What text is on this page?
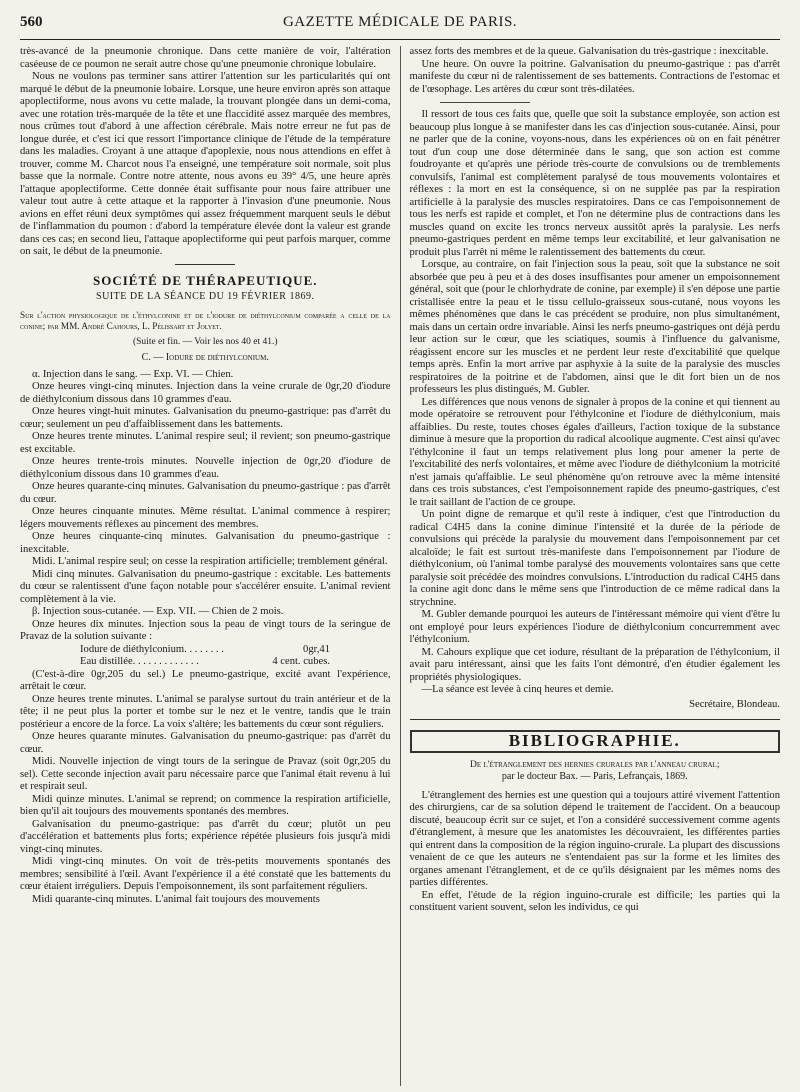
560	GAZETTE MÉDICALE DE PARIS.

très-avancé de la pneumonie chronique. Dans cette manière de voir, l'altération caséeuse de ce poumon ne serait autre chose qu'une pneumonie chronique lobulaire.

Nous ne voulons pas terminer sans attirer l'attention sur les particularités qui ont marqué le début de la pneumonie lobaire. Lorsque, une heure environ après son attaque apoplectiforme, nous avons vu cette malade, la trouvant plongée dans un demi-coma, avec une rotation très-marquée de la tête et une flaccidité assez marquée des membres, nous crûmes tout d'abord à une affection cérébrale. Mais notre erreur ne fut pas de longue durée, et c'est ici que ressort l'importance clinique de l'étude de la température dans les maladies. Croyant à une attaque d'apoplexie, nous nous attendions en effet à trouver, comme M. Charcot nous l'a enseigné, une température soit normale, soit plus basse que la normale. Contre notre attente, nous avons eu 39° 4/5, une heure après l'attaque apoplectiforme. Cette donnée était suffisante pour nous faire attribuer une valeur tout autre à cette attaque et la rapporter à l'invasion d'une pneumonie. Nous avions en effet réuni deux symptômes qui assez fréquemment marquent seuls le début de l'inflammation du poumon : d'abord la température élevée dont la valeur est grande dans ces cas; en second lieu, l'attaque apoplectiforme qui peut parfois marquer, comme on sait, le début de la pneumonie.

SOCIÉTÉ DE THÉRAPEUTIQUE.
SUITE DE LA SÉANCE DU 19 FÉVRIER 1869.

Sur l'action physiologique de l'éthylconine et de l'iodure de diéthylconium comparée a celle de la conine; par MM. André Cahours, L. Pélissart et Jolyet.

(Suite et fin. — Voir les nos 40 et 41.)
C. — Iodure de diéthylconium.

α. Injection dans le sang. — Exp. VI. — Chien.

Onze heures vingt-cinq minutes. Injection dans la veine crurale de 0gr,20 d'iodure de diéthylconium dissous dans 10 grammes d'eau.

Onze heures vingt-huit minutes. Galvanisation du pneumo-gastrique: pas d'arrêt du cœur; seulement un peu d'affaiblissement dans les battements.

Onze heures trente minutes. L'animal respire seul; il revient; son pneumo-gastrique est excitable.

Onze heures trente-trois minutes. Nouvelle injection de 0gr,20 d'iodure de diéthylconium dissous dans 10 grammes d'eau.

Onze heures quarante-cinq minutes. Galvanisation du pneumo-gastrique : pas d'arrêt du cœur.

Onze heures cinquante minutes. Même résultat. L'animal commence à respirer; légers mouvements réflexes au pincement des membres.

Onze heures cinquante-cinq minutes. Galvanisation du pneumo-gastrique : inexcitable.

Midi. L'animal respire seul; on cesse la respiration artificielle; tremblement général.

Midi cinq minutes. Galvanisation du pneumo-gastrique : excitable. Les battements du cœur se ralentissent d'une façon notable pour s'accélérer ensuite. L'animal revient complètement à la vie.

β. Injection sous-cutanée. — Exp. VII. — Chien de 2 mois.

Onze heures dix minutes. Injection sous la peau de vingt tours de la seringue de Pravaz de la solution suivante :

Iodure de diéthylconium. . . . . . . .	0gr,41
Eau distillée. . . . . . . . . . . . .	4 cent. cubes.

(C'est-à-dire 0gr,205 du sel.) Le pneumo-gastrique, excité avant l'expérience, arrêtait le cœur.

Onze heures trente minutes. L'animal se paralyse surtout du train antérieur et de la tête; il ne peut plus la porter et tombe sur le nez et le ventre, tandis que le train postérieur a encore de la force. La voix s'altère; les battements du cœur sont réguliers.

Onze heures quarante minutes. Galvanisation du pneumo-gastrique: pas d'arrêt du cœur.

Midi. Nouvelle injection de vingt tours de la seringue de Pravaz (soit 0gr,205 du sel). Cette seconde injection avait paru nécessaire parce que l'animal était revenu à lui et respirait seul.

Midi quinze minutes. L'animal se reprend; on commence la respiration artificielle, bien qu'il ait toujours des mouvements spontanés des membres.

Galvanisation du pneumo-gastrique: pas d'arrêt du cœur; plutôt un peu d'accélération et battements plus forts; expérience répétée plusieurs fois jusqu'à midi vingt-cinq minutes.

Midi vingt-cinq minutes. On voit de très-petits mouvements spontanés des membres; sensibilité à l'œil. Avant l'expérience il a été constaté que les battements du cœur étaient irréguliers. Depuis l'empoisonnement, ils sont parfaitement réguliers.

Midi quarante-cinq minutes. L'animal fait toujours des mouvements

assez forts des membres et de la queue. Galvanisation du très-gastrique : inexcitable.

Une heure. On ouvre la poitrine. Galvanisation du pneumo-gastrique : pas d'arrêt manifeste du cœur ni de ralentissement de ses battements. Contractions de l'estomac et de l'œsophage. Les artères du cœur sont très-dilatées.

Il ressort de tous ces faits que, quelle que soit la substance employée, son action est beaucoup plus longue à se manifester dans les cas d'injection sous-cutanée. Ainsi, pour ne parler que de la conine, voyons-nous, dans les expériences où on en fait pénétrer tout d'un coup une dose déterminée dans le sang, que son action est comme foudroyante et qu'après une période très-courte de convulsions ou de tremblements convulsifs, l'animal est complètement paralysé de tous mouvements volontaires et réflexes : la mort en est la conséquence, si on ne supplée pas par la respiration artificielle à la paralysie des muscles respiratoires. Dans ce cas l'empoisonnement de tous les nerfs est rapide et complet, et l'on ne détermine plus de contractions dans les muscles quand on excite les troncs nerveux aussitôt après la paralysie. Les nerfs pneumo-gastriques perdent en même temps leur excitabilité, et leur galvanisation ne produit plus l'arrêt ni même le ralentissement des battements du cœur.

Lorsque, au contraire, on fait l'injection sous la peau, soit que la substance ne soit absorbée que peu à peu et à des doses insuffisantes pour amener un empoisonnement général, soit que (pour le chlorhydrate de conine, par exemple) il s'en dépose une partie cristallisée entre la peau et le tissu cellulo-graisseux sous-cutané, nous voyons les mêmes phénomènes que dans le cas précédent se produire, non plus simultanément, mais dans un certain ordre invariable. Ainsi les nerfs pneumo-gastriques ont déjà perdu leur action sur le cœur, que les sciatiques, soumis à l'influence du galvanisme, réagissent encore sur les muscles et ne perdent leur reste d'excitabilité que quelque temps après. Enfin la mort arrive par asphyxie à la suite de la paralysie des muscles respiratoires de la poitrine et de l'abdomen, ainsi que le dit fort bien un de nos professeurs les plus distingués, M. Gubler.

Les différences que nous venons de signaler à propos de la conine et qui tiennent au mode opératoire se retrouvent pour l'éthylconine et l'iodure de diéthylconium, mais affaiblies. Du reste, toutes choses égales d'ailleurs, l'action toxique de la substance diminue à mesure que la proportion du radical alcoolique augmente. C'est ainsi qu'avec l'éthylconine il faut un temps relativement plus long pour amener la perte de l'excitabilité des nerfs volontaires, et même avec l'iodure de diéthylconium la motricité n'est jamais qu'affaiblie. Le seul phénomène qu'on retrouve avec la même intensité dans ces trois substances, c'est l'empoisonnement rapide des pneumo-gastriques, c'est le trait saillant de l'action de ce groupe.

Un point digne de remarque et qu'il reste à indiquer, c'est que l'introduction du radical C4H5 dans la conine diminue l'intensité et la durée de la période de convulsions qui précède la paralysie du mouvement dans l'empoisonnement par cet alcaloïde; le fait est surtout très-manifeste dans l'empoisonnement par l'iodure de diéthylconium, où l'animal tombe paralysé des mouvements volontaires sans que cette paralysie soit précédée des moindres convulsions. L'introduction du radical C4H5 dans la conine agit donc dans le même sens que l'introduction de ce même radical dans la strychnine.

M. Gubler demande pourquoi les auteurs de l'intéressant mémoire qui vient d'être lu ont employé pour leurs expériences l'iodure de diéthylconium concurremment avec l'éthylconium.

M. Cahours explique que cet iodure, résultant de la préparation de l'éthylconium, il avait paru intéressant, ainsi que les faits l'ont démontré, d'en étudier également les propriétés physiologiques.

—La séance est levée à cinq heures et demie.

Secrétaire, Blondeau.

BIBLIOGRAPHIE.

De l'étranglement des hernies crurales par l'anneau crural;

par le docteur Bax. — Paris, Lefrançais, 1869.

L'étranglement des hernies est une question qui a toujours attiré vivement l'attention des chirurgiens, car de sa solution dépend le traitement de l'accident. On a beaucoup discuté, beaucoup écrit sur ce sujet, et l'on a considéré successivement comme agents d'étranglement, à mesure que les anatomistes les découvraient, les différentes parties qui entrent dans la composition de la région inguino-crurale. La plupart des discussions venaient de ce que les auteurs ne s'entendaient pas sur la forme et les limites des organes amenant l'étranglement, et de ce qu'ils désignaient par les mêmes noms des parties différentes.

En effet, l'étude de la région inguino-crurale est difficile; les parties qui la constituent varient souvent, selon les individus, ce qui
